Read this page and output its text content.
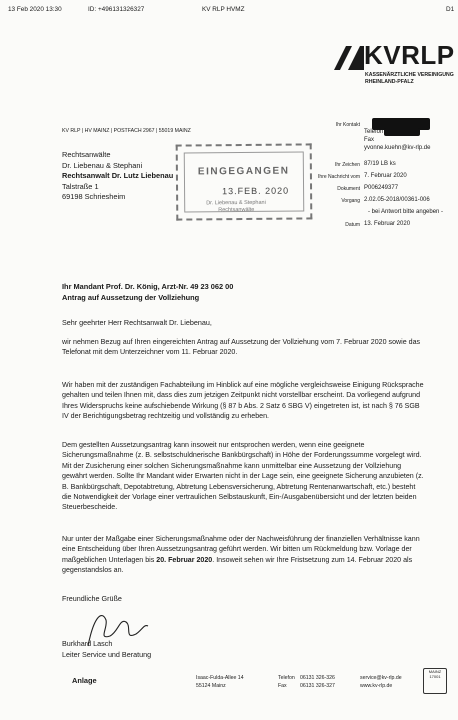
13 Feb 2020 13:30	ID: +496131326327	KV RLP HVMZ	D1
KVRLP
KASSENÄRZTLICHE VEREINIGUNG
RHEINLAND-PFALZ
KV RLP | HV MAINZ | POSTFACH 2967 | 55019 MAINZ
Rechtsanwälte
Dr. Liebenau & Stephani
Rechtsanwalt Dr. Lutz Liebenau
Talstraße 1
69198 Schriesheim
EINGEGANGEN
13.FEB. 2020
Dr. Liebenau & Stephani
Rechtsanwälte
Ihr Kontakt
Telefon
Fax
yvonne.kuehn@kv-rlp.de
Ihr Zeichen 87/19 LB ks
Ihre Nachricht vom 7. Februar 2020
Dokument P006249377
Vorgang 2.02.05-2018/00361-006
- bei Antwort bitte angeben -
Datum 13. Februar 2020
Ihr Mandant Prof. Dr. König, Arzt-Nr. 49 23 062 00
Antrag auf Aussetzung der Vollziehung
Sehr geehrter Herr Rechtsanwalt Dr. Liebenau,
wir nehmen Bezug auf Ihren eingereichten Antrag auf Aussetzung der Vollziehung vom 7. Februar 2020 sowie das Telefonat mit dem Unterzeichner vom 11. Februar 2020.
Wir haben mit der zuständigen Fachabteilung im Hinblick auf eine mögliche vergleichsweise Einigung Rücksprache gehalten und teilen Ihnen mit, dass dies zum jetzigen Zeitpunkt nicht vorstellbar erscheint. Da vorliegend aufgrund Ihres Widerspruchs keine aufschiebende Wirkung (§ 87 b Abs. 2 Satz 6 SBG V) eingetreten ist, ist nach § 76 SGB IV der Berichtigungsbetrag rechtzeitig und vollständig zu erheben.
Dem gestellten Aussetzungsantrag kann insoweit nur entsprochen werden, wenn eine geeignete Sicherungsmaßnahme (z. B. selbstschuldnerische Bankbürgschaft) in Höhe der Forderungssumme vorgelegt wird. Mit der Zusicherung einer solchen Sicherungsmaßnahme kann unmittelbar eine Aussetzung der Vollziehung gewährt werden. Sollte Ihr Mandant wider Erwarten nicht in der Lage sein, eine geeignete Sicherung anzubieten (z. B. Bankbürgschaft, Depotabtretung, Abtretung Lebensversicherung, Abtretung Rentenanwartschaft, etc.) besteht die Notwendigkeit der Vorlage einer vertraulichen Selbstauskunft, Ein-/Ausgabenübersicht und der letzten beiden Steuerbescheide.
Nur unter der Maßgabe einer Sicherungsmaßnahme oder der Nachweisführung der finanziellen Verhältnisse kann eine Entscheidung über Ihren Aussetzungsantrag geführt werden. Wir bitten um Rückmeldung bzw. Vorlage der maßgeblichen Unterlagen bis 20. Februar 2020. Insoweit sehen wir Ihre Fristsetzung zum 14. Februar 2020 als gegenstandslos an.
Freundliche Grüße
Burkhard Lasch
Leiter Service und Beratung
Anlage	Isaac-Fulda-Allee 14
55124 Mainz
Telefon 06131 326-326
Fax	06131 326-327
service@kv-rlp.de
www.kv-rlp.de
MAINZ 17001
